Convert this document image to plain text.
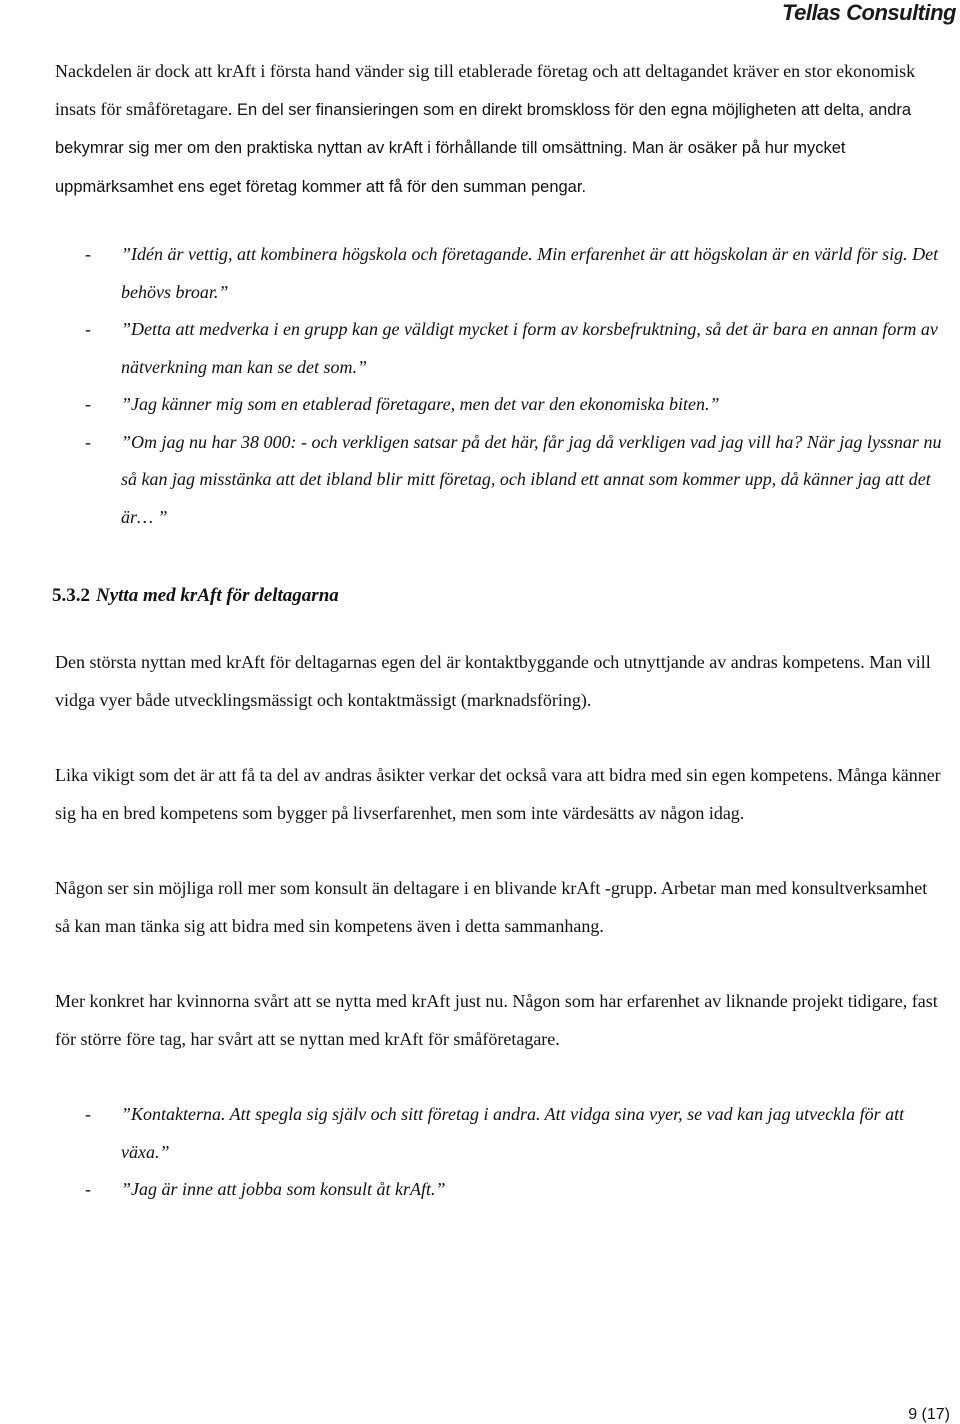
Tellas Consulting

Nackdelen är dock att krAft i första hand vänder sig till etablerade företag och att deltagandet kräver en stor ekonomisk insats för småföretagare. En del ser finansieringen som en direkt bromskloss för den egna möjligheten att delta, andra bekymrar sig mer om den praktiska nyttan av krAft i förhållande till omsättning. Man är osäker på hur mycket uppmärksamhet ens eget företag kommer att få för den summan pengar.

- ”Idén är vettig, att kombinera högskola och företagande. Min erfarenhet är att högskolan är en värld för sig. Det behövs broar.”
- ”Detta att medverka i en grupp kan ge väldigt mycket i form av korsbefruktning, så det är bara en annan form av nätverkning man kan se det som.”
- ”Jag känner mig som en etablerad företagare, men det var den ekonomiska biten.”
- ”Om jag nu har 38 000: - och verkligen satsar på det här, får jag då verkligen vad jag vill ha? När jag lyssnar nu så kan jag misstänka att det ibland blir mitt företag, och ibland ett annat som kommer upp, då känner jag att det är… ”
5.3.2 Nytta med krAft för deltagarna

Den största nyttan med krAft för deltagarnas egen del är kontaktbyggande och utnyttjande av andras kompetens. Man vill vidga vyer både utvecklingsmässigt och kontaktmässigt (marknadsföring).

Lika vikigt som det är att få ta del av andras åsikter verkar det också vara att bidra med sin egen kompetens. Många känner sig ha en bred kompetens som bygger på livserfarenhet, men som inte värdesätts av någon idag.

Någon ser sin möjliga roll mer som konsult än deltagare i en blivande krAft -grupp. Arbetar man med konsultverksamhet så kan man tänka sig att bidra med sin kompetens även i detta sammanhang.

Mer konkret har kvinnorna svårt att se nytta med krAft just nu. Någon som har erfarenhet av liknande projekt tidigare, fast för större före tag, har svårt att se nyttan med krAft för småföretagare.

- ”Kontakterna. Att spegla sig själv och sitt företag i andra. Att vidga sina vyer, se vad kan jag utveckla för att växa.”
- ”Jag är inne att jobba som konsult åt krAft.”
9 (17)
